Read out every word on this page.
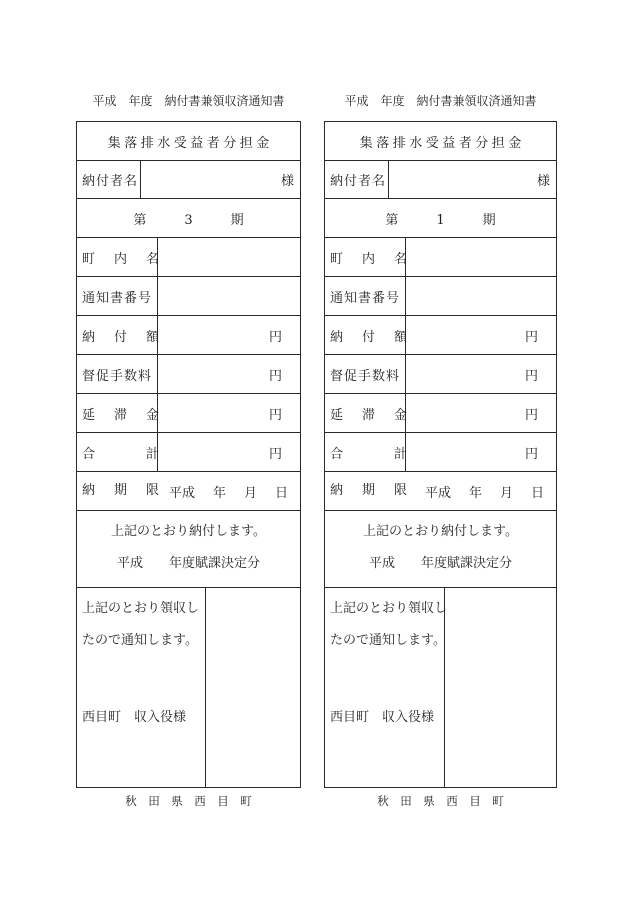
平成　年度　納付書兼領収済通知書
集落排水受益者分担金
納付者名	様
第　　3　　期
町　内　名
通知書番号
納　付　額	円
督促手数料	円
延　滞　金	円
合　　　計	円
納　期　限 平成 年 月 日
上記のとおり納付します。
平成　　年度賦課決定分
上記のとおり領収し
たので通知します。
西目町　収入役様
秋　田　県　西　目　町
平成　年度　納付書兼領収済通知書
集落排水受益者分担金
納付者名	様
第　　1　　期
町　内　名
通知書番号
納　付　額	円
督促手数料	円
延　滞　金	円
合　　　計	円
納　期　限 平成 年 月 日
上記のとおり納付します。
平成　　年度賦課決定分
上記のとおり領収し
たので通知します。
西目町　収入役様
秋　田　県　西　目　町
